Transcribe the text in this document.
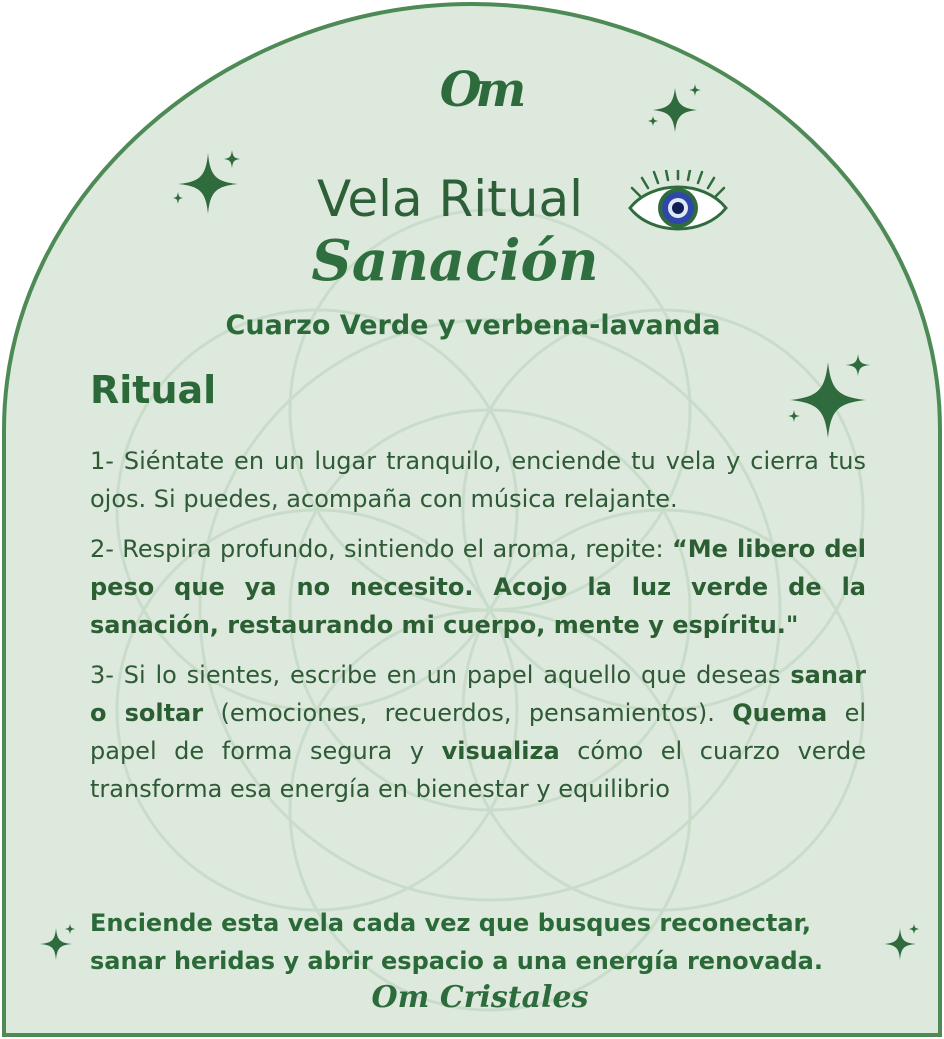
Om
Vela Ritual
Sanación
Cuarzo Verde y verbena-lavanda
Ritual

1- Siéntate en un lugar tranquilo, enciende tu vela y cierra tus ojos. Si puedes, acompaña con música relajante.

2- Respira profundo, sintiendo el aroma, repite: “Me libero del peso que ya no necesito. Acojo la luz verde de la sanación, restaurando mi cuerpo, mente y espíritu."

3- Si lo sientes, escribe en un papel aquello que deseas sanar o soltar (emociones, recuerdos, pensamientos). Quema el papel de forma segura y visualiza cómo el cuarzo verde transforma esa energía en bienestar y equilibrio

Enciende esta vela cada vez que busques reconectar,
sanar heridas y abrir espacio a una energía renovada.
Om Cristales
